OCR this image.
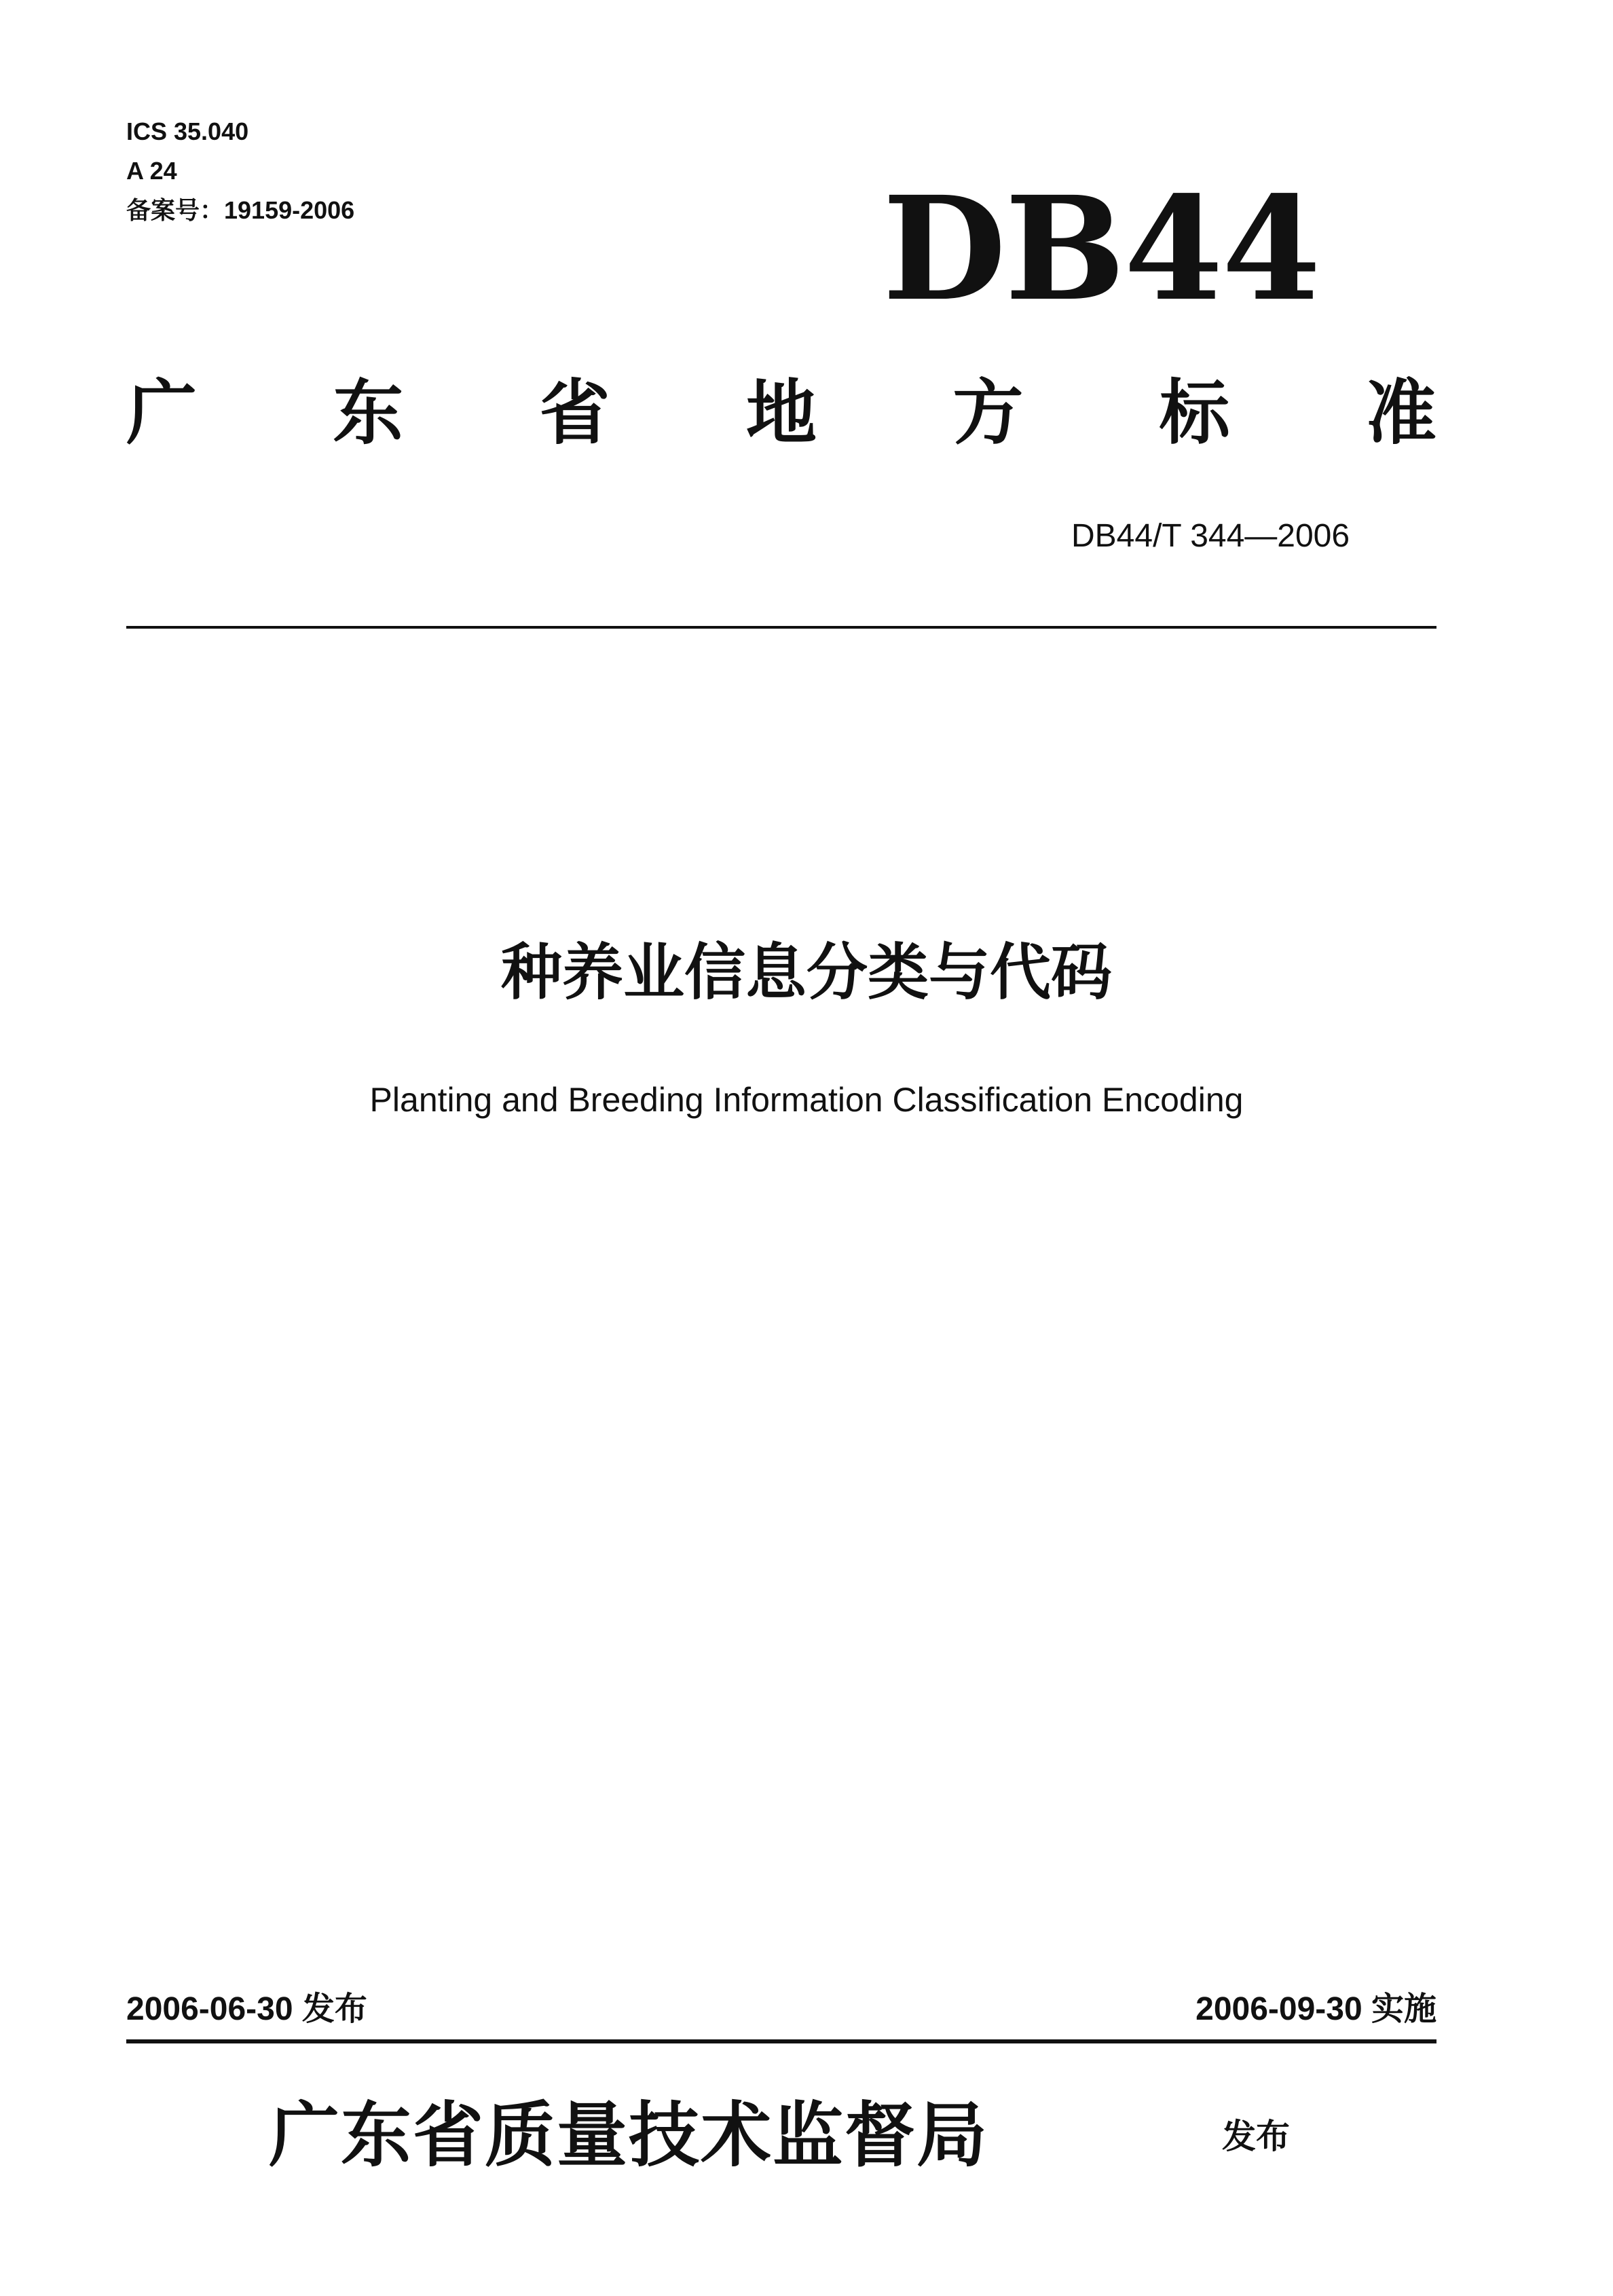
ICS 35.040
A 24
备案号：19159-2006	DB44
广 东 省 地 方 标 准
DB44/T 344—2006
种养业信息分类与代码
Planting and Breeding Information Classification Encoding
2006-06-30 发布	2006-09-30 实施
广东省质量技术监督局	发布
